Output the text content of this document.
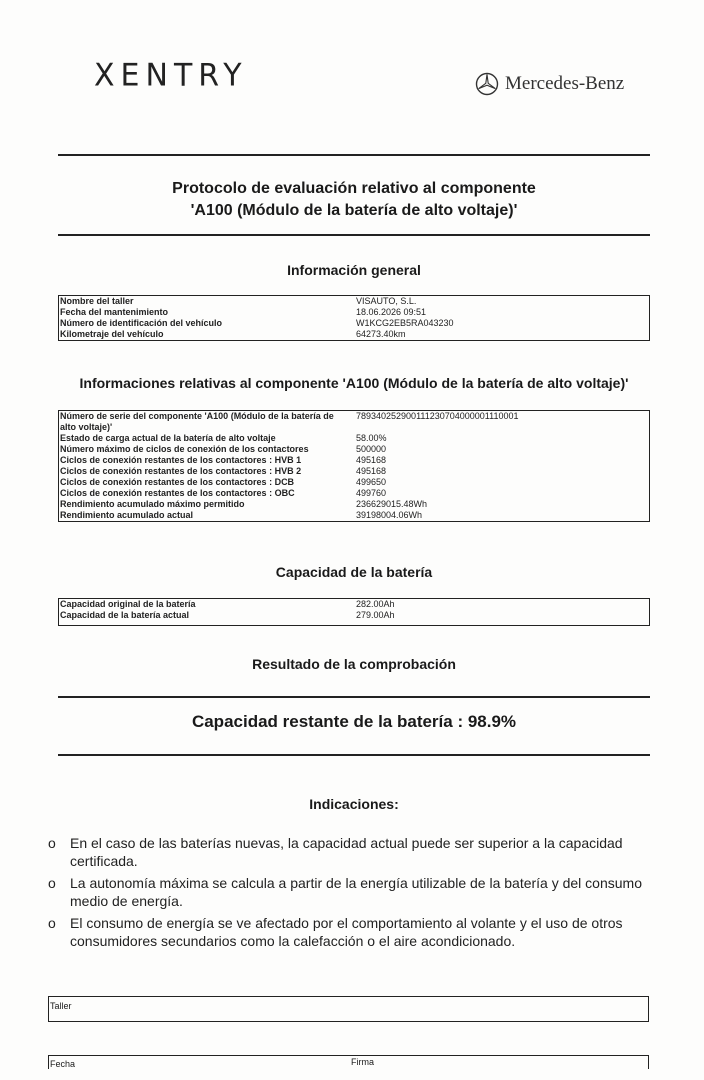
XENTRY	Mercedes-Benz
Protocolo de evaluación relativo al componente
'A100 (Módulo de la batería de alto voltaje)'
Información general
Nombre del taller	VISAUTO, S.L.
Fecha del mantenimiento	18.06.2026 09:51
Número de identificación del vehículo	W1KCG2EB5RA043230
Kilometraje del vehículo	64273.40km
Informaciones relativas al componente 'A100 (Módulo de la batería de alto voltaje)'
Número de serie del componente 'A100 (Módulo de la batería de
alto voltaje)'
789340252900111230704000001110001
Estado de carga actual de la batería de alto voltaje	58.00%
Número máximo de ciclos de conexión de los contactores	500000
Ciclos de conexión restantes de los contactores : HVB 1	495168
Ciclos de conexión restantes de los contactores : HVB 2	495168
Ciclos de conexión restantes de los contactores : DCB	499650
Ciclos de conexión restantes de los contactores : OBC	499760
Rendimiento acumulado máximo permitido	236629015.48Wh
Rendimiento acumulado actual	39198004.06Wh
Capacidad de la batería
Capacidad original de la batería	282.00Ah
Capacidad de la batería actual	279.00Ah
Resultado de la comprobación
Capacidad restante de la batería : 98.9%
Indicaciones:
o	En el caso de las baterías nuevas, la capacidad actual puede ser superior a la capacidad certificada.
o	La autonomía máxima se calcula a partir de la energía utilizable de la batería y del consumo medio de energía.
o	El consumo de energía se ve afectado por el comportamiento al volante y el uso de otros consumidores secundarios como la calefacción o el aire acondicionado.
Taller
Fecha	Firma
